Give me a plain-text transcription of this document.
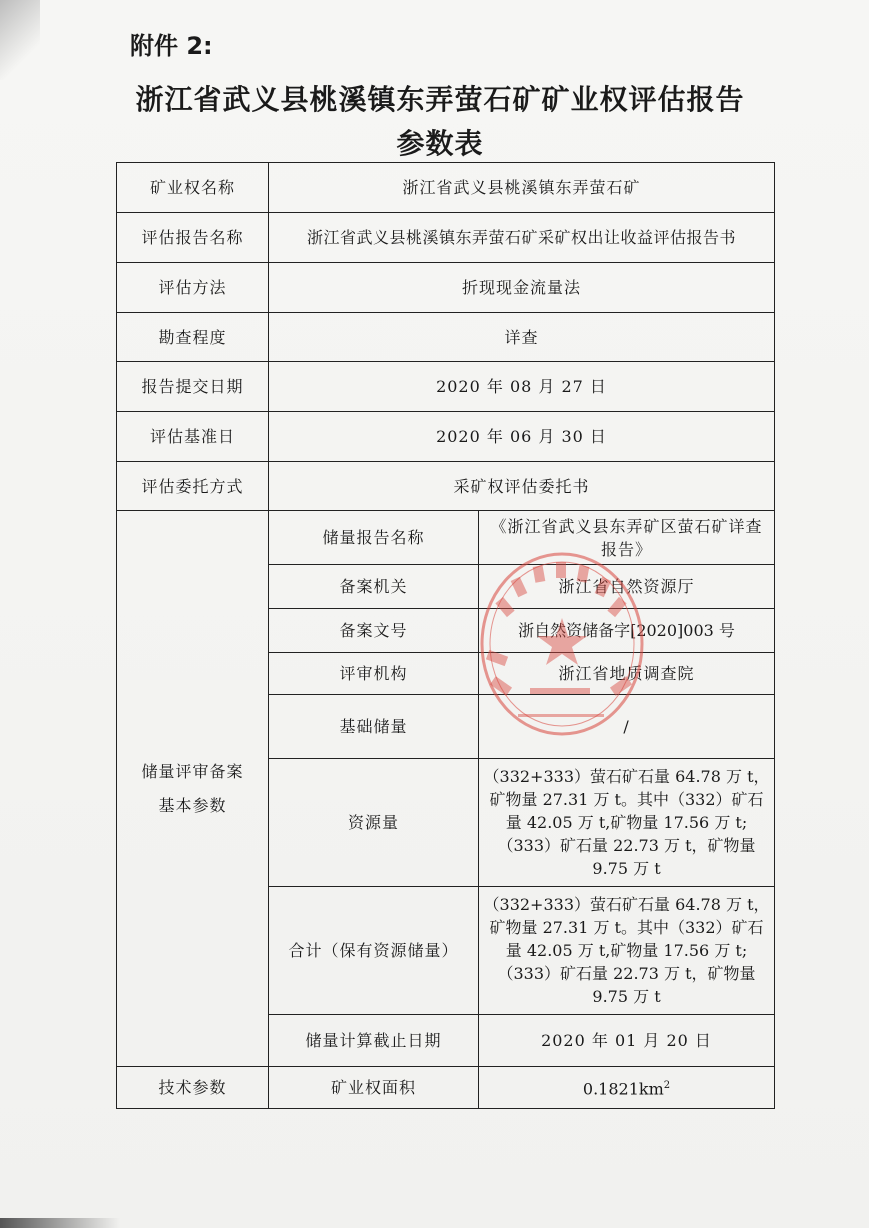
附件 2:
浙江省武义县桃溪镇东弄萤石矿矿业权评估报告
参数表
矿业权名称	浙江省武义县桃溪镇东弄萤石矿	
评估报告名称	浙江省武义县桃溪镇东弄萤石矿采矿权出让收益评估报告书	
评估方法	折现现金流量法	
勘查程度	详查	
报告提交日期	2020 年 08 月 27 日	
评估基准日	2020 年 06 月 30 日	
评估委托方式	采矿权评估委托书	
储量评审备案基本参数	储量报告名称	《浙江省武义县东弄矿区萤石矿详查报告》
	备案机关	浙江省自然资源厅
	备案文号	浙自然资储备字[2020]003 号
	评审机构	浙江省地质调查院
	基础储量	/
	资源量	（332+333）萤石矿石量 64.78 万 t，矿物量 27.31 万 t。其中（332）矿石量 42.05 万 t,矿物量 17.56 万 t;（333）矿石量 22.73 万 t，矿物量 9.75 万 t
	合计（保有资源储量）	（332+333）萤石矿石量 64.78 万 t，矿物量 27.31 万 t。其中（332）矿石量 42.05 万 t,矿物量 17.56 万 t;（333）矿石量 22.73 万 t，矿物量 9.75 万 t
	储量计算截止日期	2020 年 01 月 20 日
技术参数	矿业权面积	$0.1821km^2$
